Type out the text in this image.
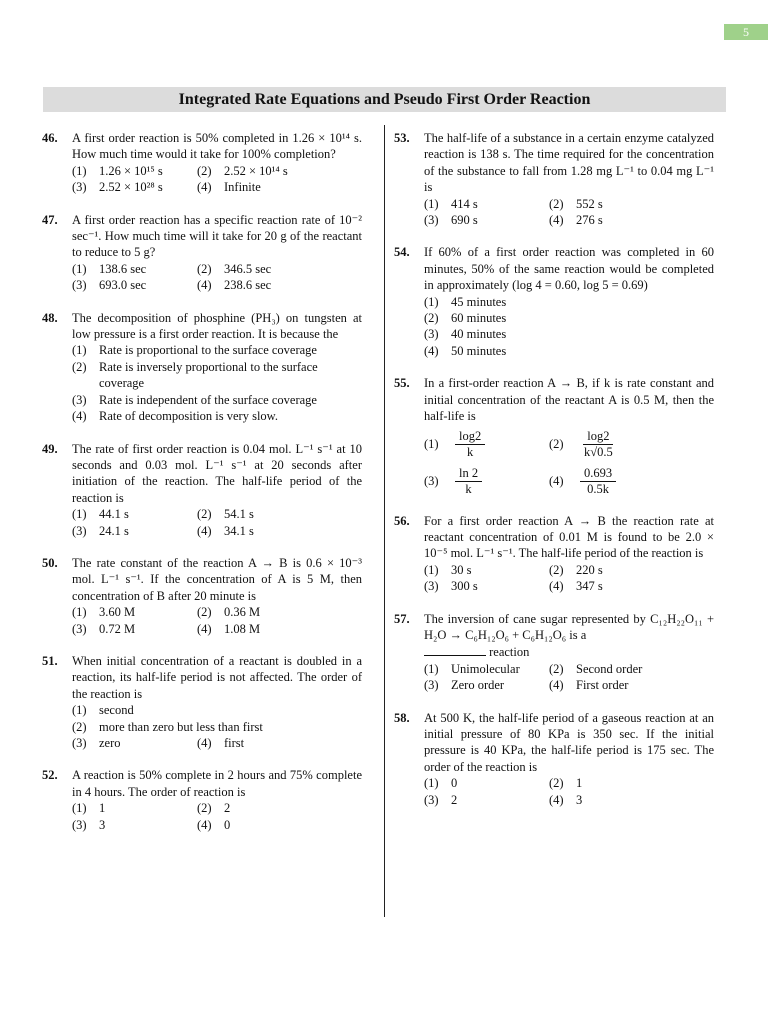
5
Integrated Rate Equations and Pseudo First Order Reaction
46. A first order reaction is 50% completed in 1.26 × 10¹⁴ s. How much time would it take for 100% completion?
(1) 1.26 × 10¹⁵ s	(2) 2.52 × 10¹⁴ s
(3) 2.52 × 10²⁸ s	(4) Infinite
47. A first order reaction has a specific reaction rate of 10⁻² sec⁻¹. How much time will it take for 20 g of the reactant to reduce to 5 g?
(1) 138.6 sec	(2) 346.5 sec
(3) 693.0 sec	(4) 238.6 sec
48. The decomposition of phosphine (PH₃) on tungsten at low pressure is a first order reaction. It is because the
(1) Rate is proportional to the surface coverage
(2) Rate is inversely proportional to the surface coverage
(3) Rate is independent of the surface coverage
(4) Rate of decomposition is very slow.
49. The rate of first order reaction is 0.04 mol. L⁻¹ s⁻¹ at 10 seconds and 0.03 mol. L⁻¹ s⁻¹ at 20 seconds after initiation of the reaction. The half-life period of the reaction is
(1) 44.1 s	(2) 54.1 s
(3) 24.1 s	(4) 34.1 s
50. The rate constant of the reaction A → B is 0.6 × 10⁻³ mol. L⁻¹ s⁻¹. If the concentration of A is 5 M, then concentration of B after 20 minute is
(1) 3.60 M	(2) 0.36 M
(3) 0.72 M	(4) 1.08 M
51. When initial concentration of a reactant is doubled in a reaction, its half-life period is not affected. The order of the reaction is
(1) second
(2) more than zero but less than first
(3) zero	(4) first
52. A reaction is 50% complete in 2 hours and 75% complete in 4 hours. The order of reaction is
(1) 1	(2) 2
(3) 3	(4) 0
53. The half-life of a substance in a certain enzyme catalyzed reaction is 138 s. The time required for the concentration of the substance to fall from 1.28 mg L⁻¹ to 0.04 mg L⁻¹ is
(1) 414 s	(2) 552 s
(3) 690 s	(4) 276 s
54. If 60% of a first order reaction was completed in 60 minutes, 50% of the same reaction would be completed in approximately (log 4 = 0.60, log 5 = 0.69)
(1) 45 minutes
(2) 60 minutes
(3) 40 minutes
(4) 50 minutes
55. In a first-order reaction A → B, if k is rate constant and initial concentration of the reactant A is 0.5 M, then the half-life is
(1)	$\frac{\log 2}{k}$	(2)	$\frac{\log 2}{k√0.5}$
(3)	$\frac{\ln 2}{k}$	(4)	$\frac{0.693}{0.5k}$
56. For a first order reaction A → B the reaction rate at reactant concentration of 0.01 M is found to be 2.0 × 10⁻⁵ mol. L⁻¹ s⁻¹. The half-life period of the reaction is
(1) 30 s	(2) 220 s
(3) 300 s	(4) 347 s
57. The inversion of cane sugar represented by C₁₂H₂₂O₁₁ + H₂O → C₆H₁₂O₆ + C₆H₁₂O₆ is a
reaction
(1) Unimolecular (2) Second order
(3) Zero order	(4) First order
58. At 500 K, the half-life period of a gaseous reaction at an initial pressure of 80 KPa is 350 sec. If the initial pressure is 40 KPa, the half-life period is 175 sec. The order of the reaction is
(1) 0	(2) 1
(3) 2	(4) 3
